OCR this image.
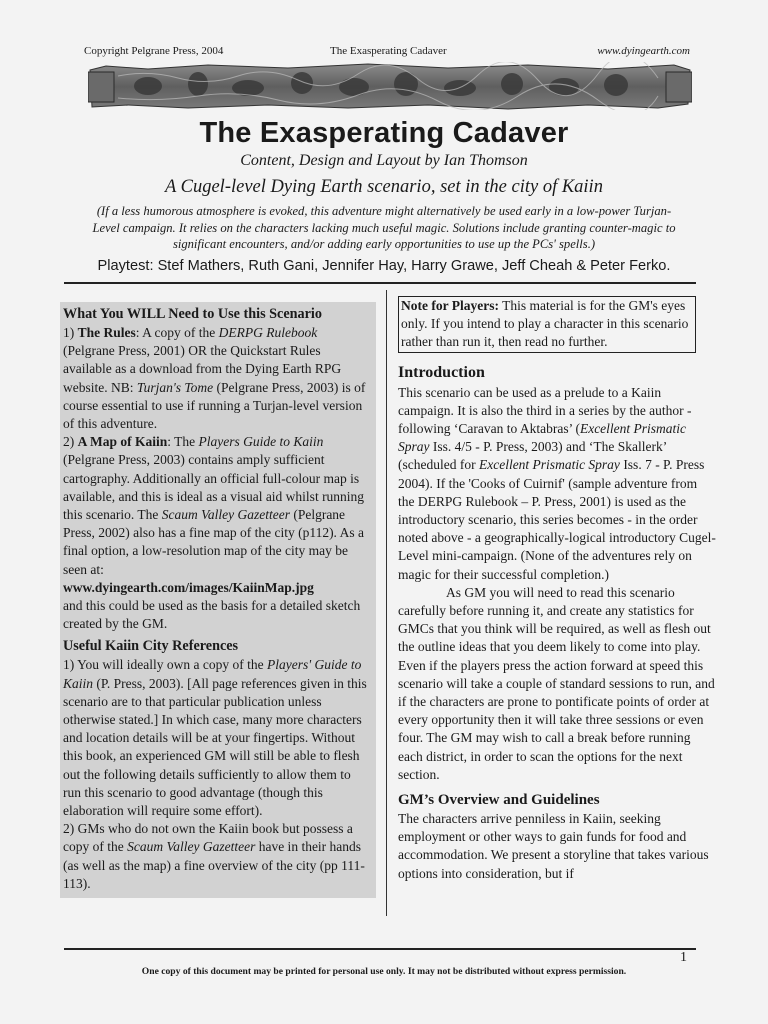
Copyright Pelgrane Press, 2004	The Exasperating Cadaver	www.dyingearth.com
The Exasperating Cadaver
Content, Design and Layout by Ian Thomson
A Cugel-level Dying Earth scenario, set in the city of Kaiin
(If a less humorous atmosphere is evoked, this adventure might alternatively be used early in a low-power Turjan-Level campaign. It relies on the characters lacking much useful magic. Solutions include granting counter-magic to significant encounters, and/or adding early opportunities to use up the PCs' spells.)
Playtest: Stef Mathers, Ruth Gani, Jennifer Hay, Harry Grawe, Jeff Cheah & Peter Ferko.
What You WILL Need to Use this Scenario

1) The Rules: A copy of the DERPG Rulebook (Pelgrane Press, 2001) OR the Quickstart Rules available as a download from the Dying Earth RPG website. NB: Turjan's Tome (Pelgrane Press, 2003) is of course essential to use if running a Turjan-level version of this adventure.

2) A Map of Kaiin: The Players Guide to Kaiin (Pelgrane Press, 2003) contains amply sufficient cartography. Additionally an official full-colour map is available, and this is ideal as a visual aid whilst running this scenario. The Scaum Valley Gazetteer (Pelgrane Press, 2002) also has a fine map of the city (p112). As a final option, a low-resolution map of the city may be seen at:
www.dyingearth.com/images/KaiinMap.jpg
and this could be used as the basis for a detailed sketch created by the GM.

Useful Kaiin City References

1) You will ideally own a copy of the Players' Guide to Kaiin (P. Press, 2003). [All page references given in this scenario are to that particular publication unless otherwise stated.] In which case, many more characters and location details will be at your fingertips. Without this book, an experienced GM will still be able to flesh out the following details sufficiently to allow them to run this scenario to good advantage (though this elaboration will require some effort).

2) GMs who do not own the Kaiin book but possess a copy of the Scaum Valley Gazetteer have in their hands (as well as the map) a fine overview of the city (pp 111-113).

Note for Players: This material is for the GM's eyes only. If you intend to play a character in this scenario rather than run it, then read no further.
Introduction

This scenario can be used as a prelude to a Kaiin campaign. It is also the third in a series by the author - following ‘Caravan to Aktabras’ (Excellent Prismatic Spray Iss. 4/5 - P. Press, 2003) and ‘The Skallerk’ (scheduled for Excellent Prismatic Spray Iss. 7 - P. Press 2004). If the 'Cooks of Cuirnif' (sample adventure from the DERPG Rulebook – P. Press, 2001) is used as the introductory scenario, this series becomes - in the order noted above - a geographically-logical introductory Cugel-Level mini-campaign. (None of the adventures rely on magic for their successful completion.)

As GM you will need to read this scenario carefully before running it, and create any statistics for GMCs that you think will be required, as well as flesh out the outline ideas that you deem likely to come into play. Even if the players press the action forward at speed this scenario will take a couple of standard sessions to run, and if the characters are prone to pontificate points of order at every opportunity then it will take three sessions or even four. The GM may wish to call a break before running each district, in order to scan the options for the next section.

GM’s Overview and Guidelines

The characters arrive penniless in Kaiin, seeking employment or other ways to gain funds for food and accommodation. We present a storyline that takes various options into consideration, but if

1
One copy of this document may be printed for personal use only. It may not be distributed without express permission.
